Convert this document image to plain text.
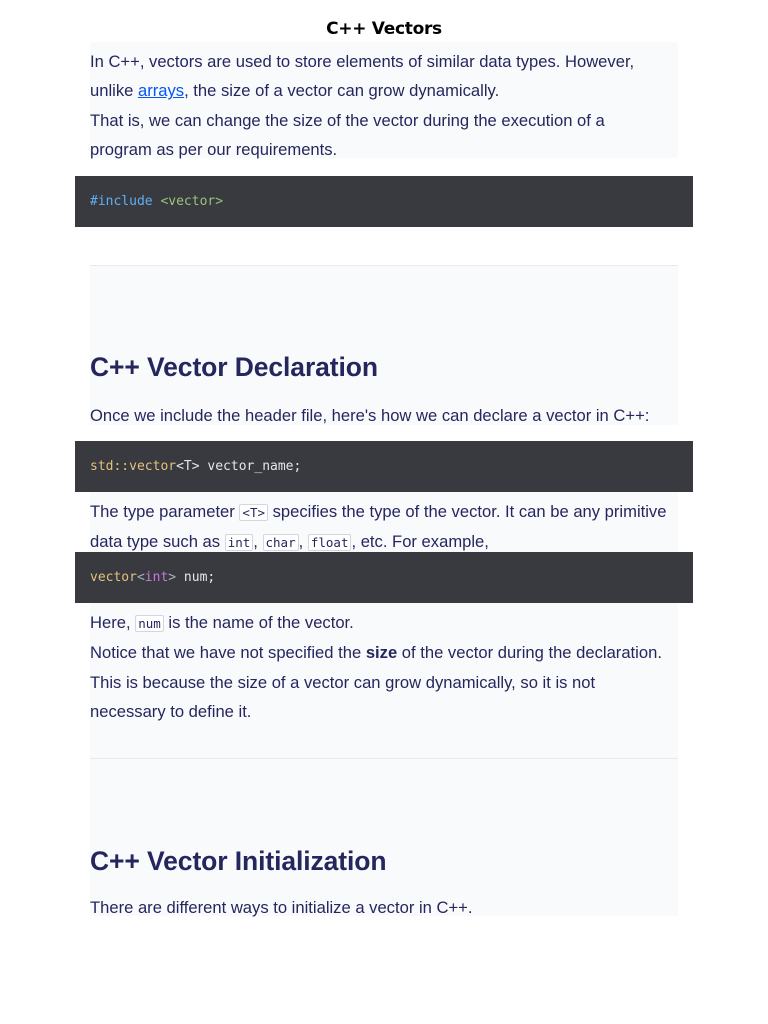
C++ Vectors
In C++, vectors are used to store elements of similar data types. However,
unlike arrays, the size of a vector can grow dynamically.
That is, we can change the size of the vector during the execution of a
program as per our requirements.
#include <vector>
C++ Vector Declaration
Once we include the header file, here's how we can declare a vector in C++:
std::vector<T> vector_name;
The type parameter <T> specifies the type of the vector. It can be any primitive
data type such as int , char , float , etc. For example,
vector<int> num;
Here, num is the name of the vector.
Notice that we have not specified the size of the vector during the declaration.
This is because the size of a vector can grow dynamically, so it is not
necessary to define it.
C++ Vector Initialization
There are different ways to initialize a vector in C++.
